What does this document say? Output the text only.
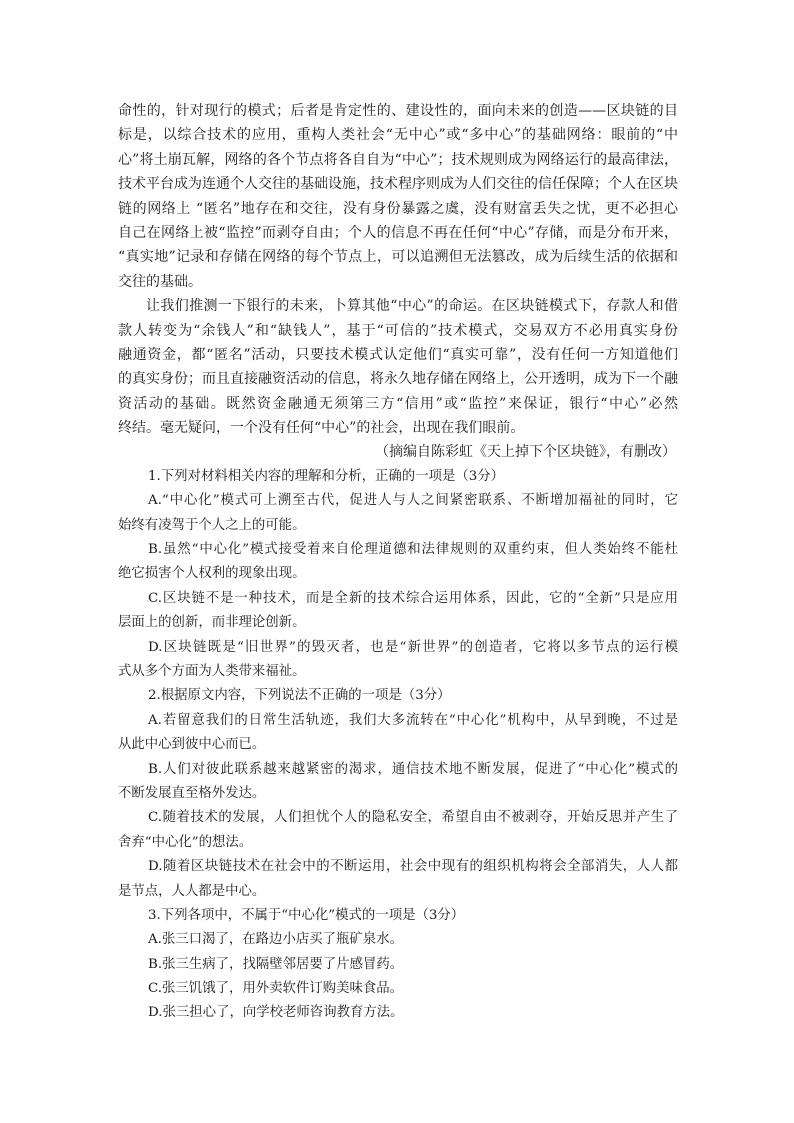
命性的，针对现行的模式；后者是肯定性的、建设性的，面向未来的创造——区块链的目
标是，以综合技术的应用，重构人类社会“无中心”或“多中心”的基础网络：眼前的“中
心”将土崩瓦解，网络的各个节点将各自自为“中心”；技术规则成为网络运行的最高律法，
技术平台成为连通个人交往的基础设施，技术程序则成为人们交往的信任保障；个人在区块
链的网络上 “匿名”地存在和交往，没有身份暴露之虞，没有财富丢失之忧，更不必担心
自己在网络上被“监控”而剥夺自由；个人的信息不再在任何“中心”存储，而是分布开来，
“真实地”记录和存储在网络的每个节点上，可以追溯但无法篡改，成为后续生活的依据和
交往的基础。
让我们推测一下银行的未来，卜算其他“中心”的命运。在区块链模式下，存款人和借
款人转变为“余钱人”和“缺钱人”，基于“可信的”技术模式，交易双方不必用真实身份
融通资金，都“匿名”活动，只要技术模式认定他们“真实可靠”，没有任何一方知道他们
的真实身份；而且直接融资活动的信息，将永久地存储在网络上，公开透明，成为下一个融
资活动的基础。既然资金融通无须第三方“信用”或“监控”来保证，银行“中心”必然
终结。毫无疑问，一个没有任何“中心”的社会，出现在我们眼前。
（摘编自陈彩虹《天上掉下个区块链》，有删改）
1.下列对材料相关内容的理解和分析，正确的一项是（3分）
A.“中心化”模式可上溯至古代，促进人与人之间紧密联系、不断增加福祉的同时，它
始终有凌驾于个人之上的可能。
B.虽然“中心化”模式接受着来自伦理道德和法律规则的双重约束，但人类始终不能杜
绝它损害个人权利的现象出现。
C.区块链不是一种技术，而是全新的技术综合运用体系，因此，它的“全新”只是应用
层面上的创新，而非理论创新。
D.区块链既是“旧世界”的毁灭者，也是“新世界”的创造者，它将以多节点的运行模
式从多个方面为人类带来福祉。
2.根据原文内容，下列说法不正确的一项是（3分）
A.若留意我们的日常生活轨迹，我们大多流转在“中心化”机构中，从早到晚，不过是
从此中心到彼中心而已。
B.人们对彼此联系越来越紧密的渴求，通信技术地不断发展，促进了“中心化”模式的
不断发展直至格外发达。
C.随着技术的发展，人们担忧个人的隐私安全，希望自由不被剥夺，开始反思并产生了
舍弃“中心化”的想法。
D.随着区块链技术在社会中的不断运用，社会中现有的组织机构将会全部消失，人人都
是节点，人人都是中心。
3.下列各项中，不属于“中心化”模式的一项是（3分）
A.张三口渴了，在路边小店买了瓶矿泉水。
B.张三生病了，找隔壁邻居要了片感冒药。
C.张三饥饿了，用外卖软件订购美味食品。
D.张三担心了，向学校老师咨询教育方法。
